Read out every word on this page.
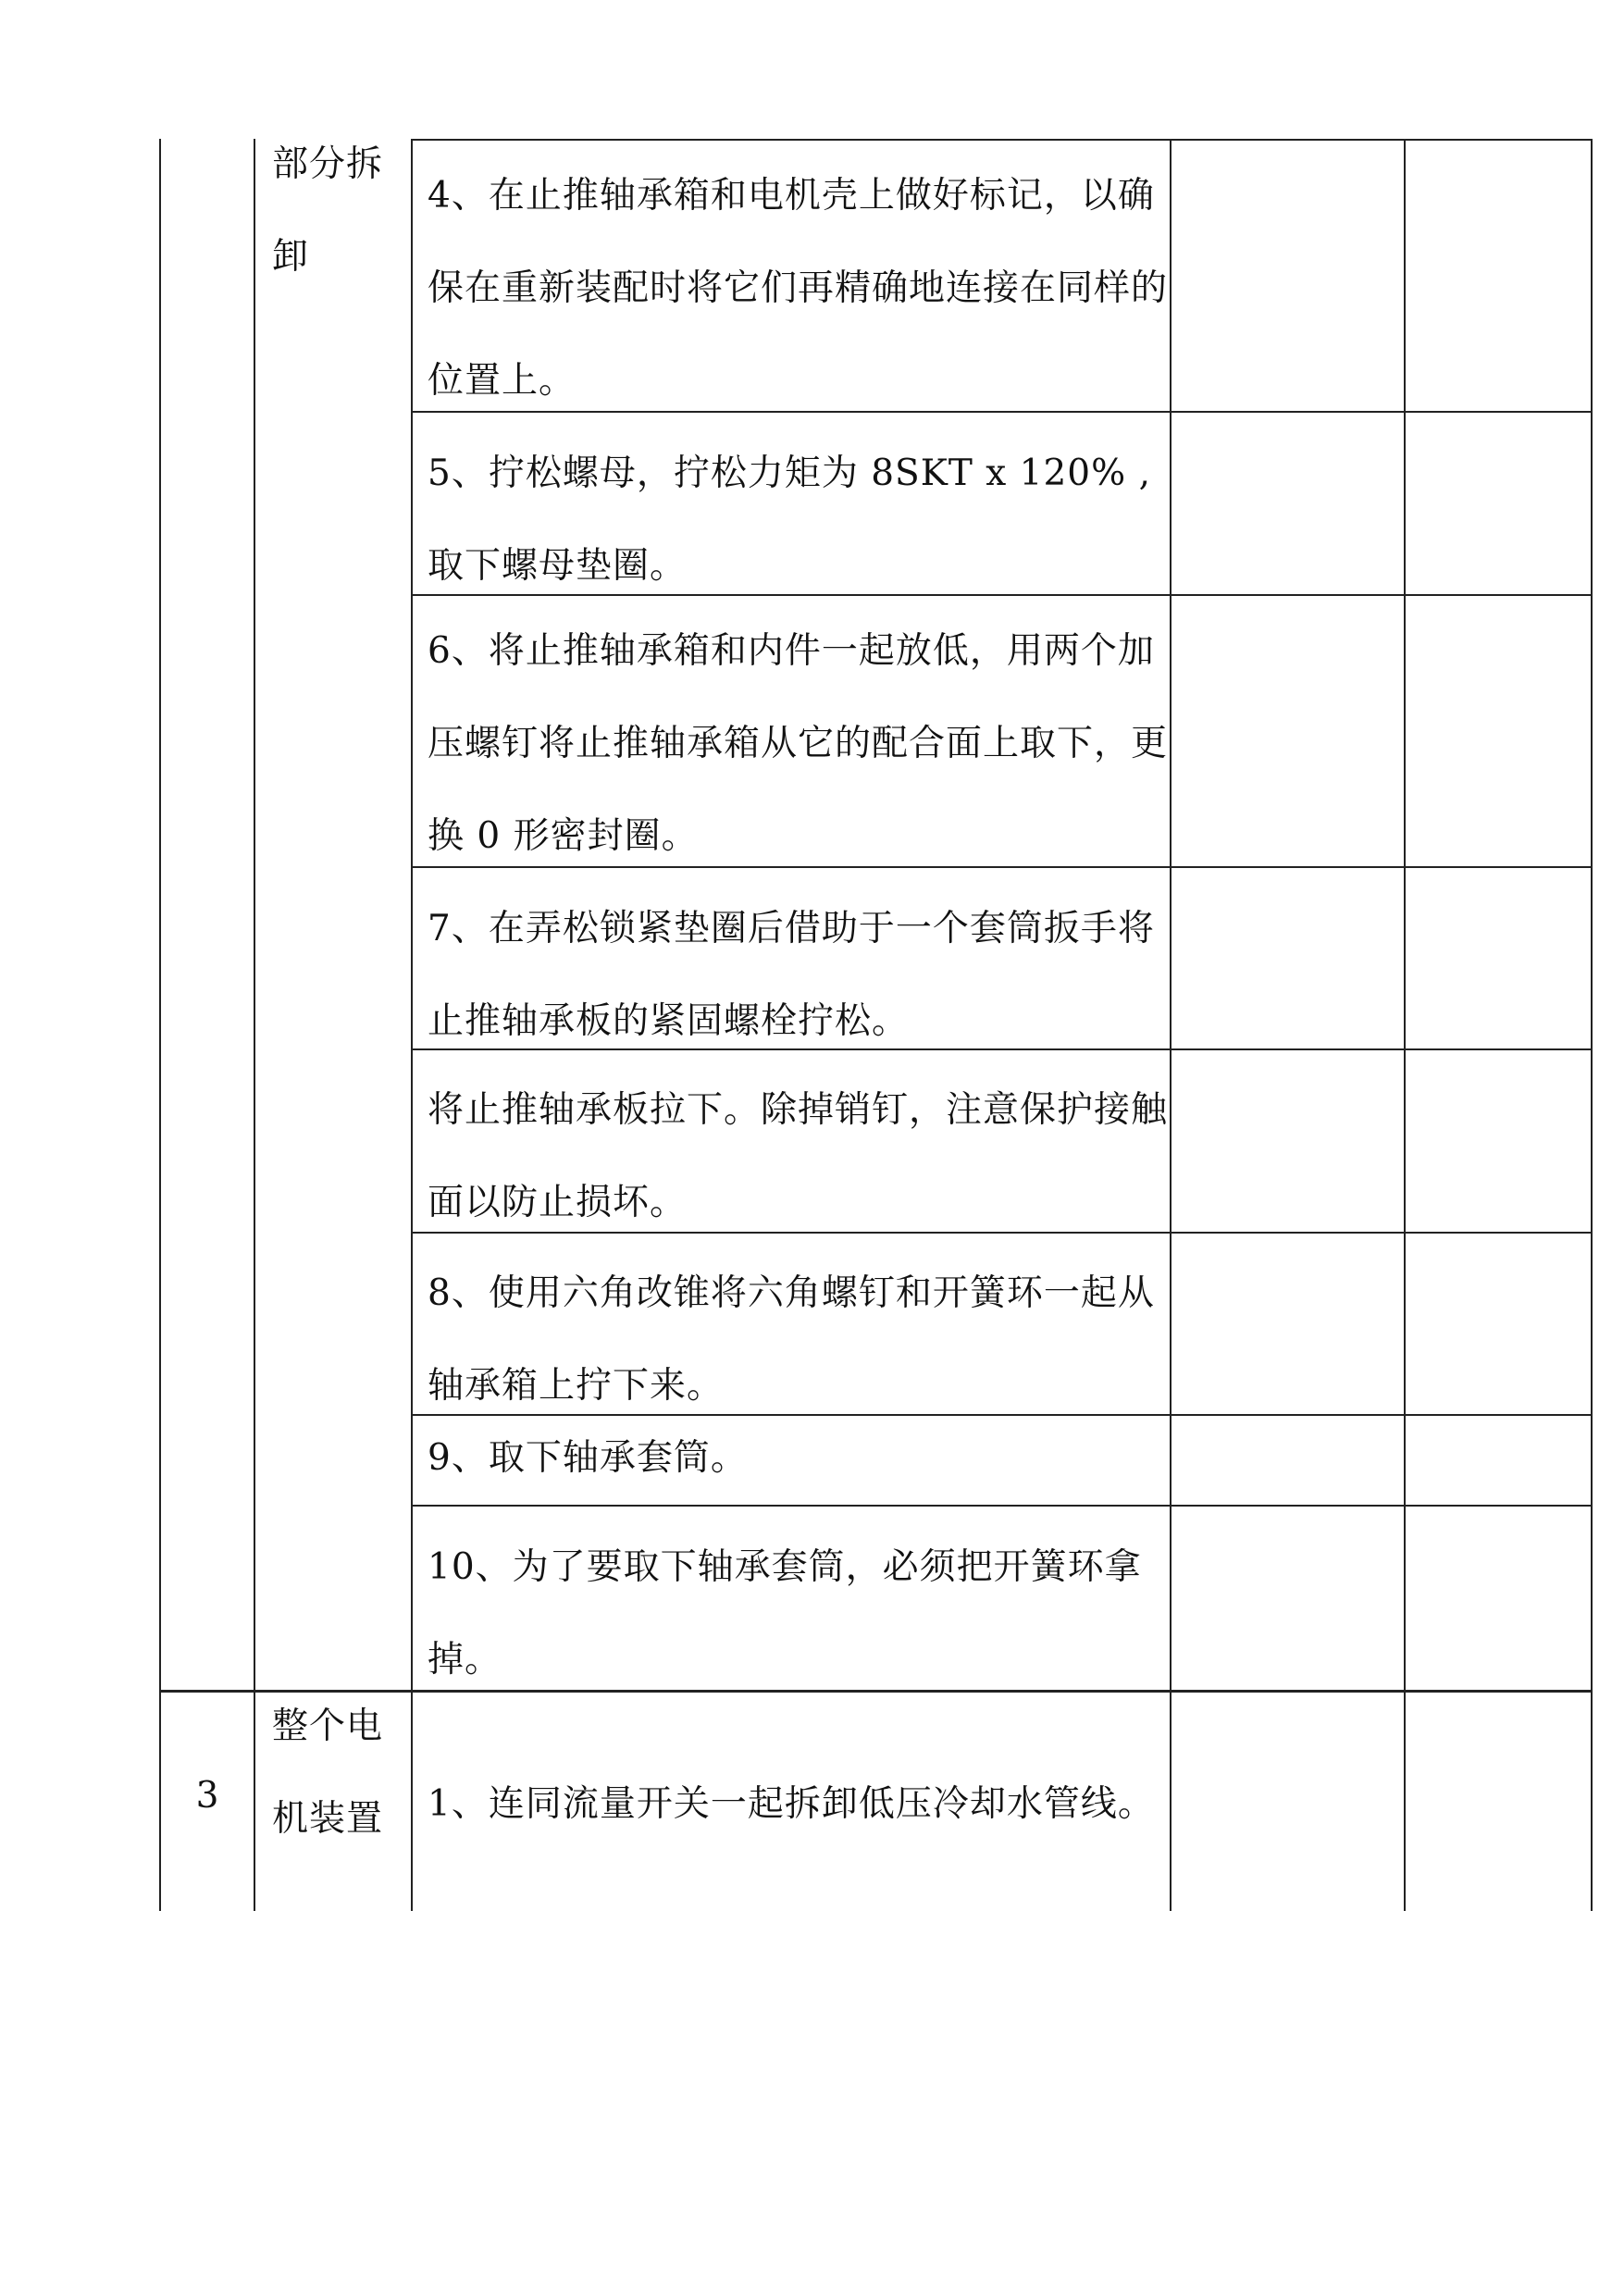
部分拆卸
4、在止推轴承箱和电机壳上做好标记，以确保在重新装配时将它们再精确地连接在同样的位置上。
5、拧松螺母，拧松力矩为 8SKT x 120% ,取下螺母垫圈。
6、将止推轴承箱和内件一起放低，用两个加压螺钉将止推轴承箱从它的配合面上取下，更换 0 形密封圈。
7、在弄松锁紧垫圈后借助于一个套筒扳手将止推轴承板的紧固螺栓拧松。
将止推轴承板拉下。除掉销钉，注意保护接触面以防止损坏。
8、使用六角改锥将六角螺钉和开簧环一起从轴承箱上拧下来。
9、取下轴承套筒。
10、为了要取下轴承套筒，必须把开簧环拿掉。
3
整个电机装置	1、连同流量开关一起拆卸低压冷却水管线。
